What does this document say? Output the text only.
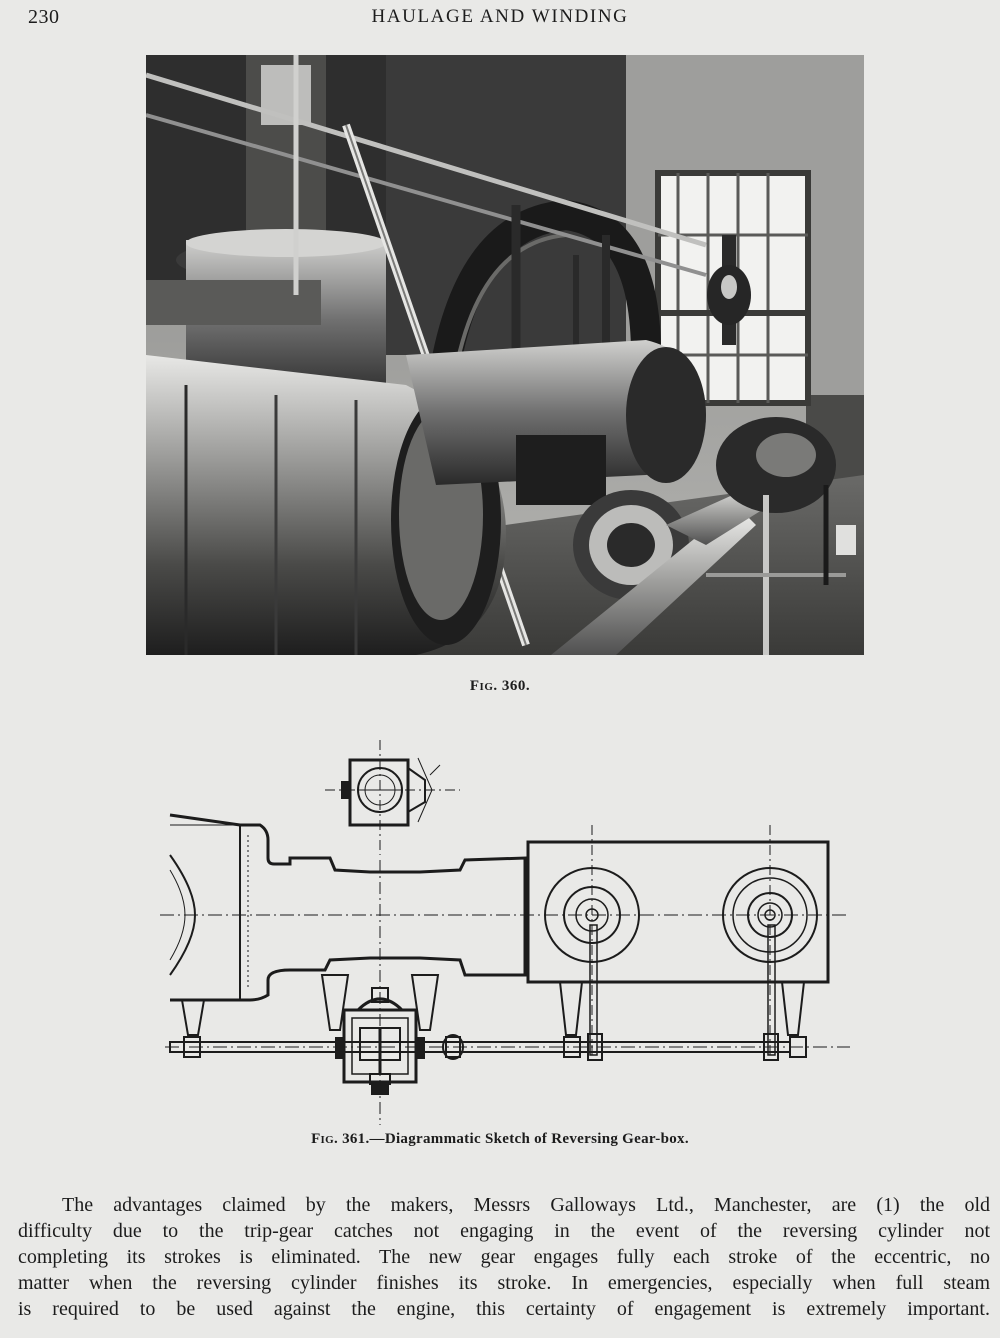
230	HAULAGE AND WINDING
Fig. 360.
Fig. 361.—Diagrammatic Sketch of Reversing Gear-box.

The advantages claimed by the makers, Messrs Galloways Ltd., Manchester, are (1) the old
difficulty due to the trip-gear catches not engaging in the event of the reversing cylinder not
completing its strokes is eliminated. The new gear engages fully each stroke of the eccentric, no
matter when the reversing cylinder finishes its stroke. In emergencies, especially when full steam
is required to be used against the engine, this certainty of engagement is extremely important.
